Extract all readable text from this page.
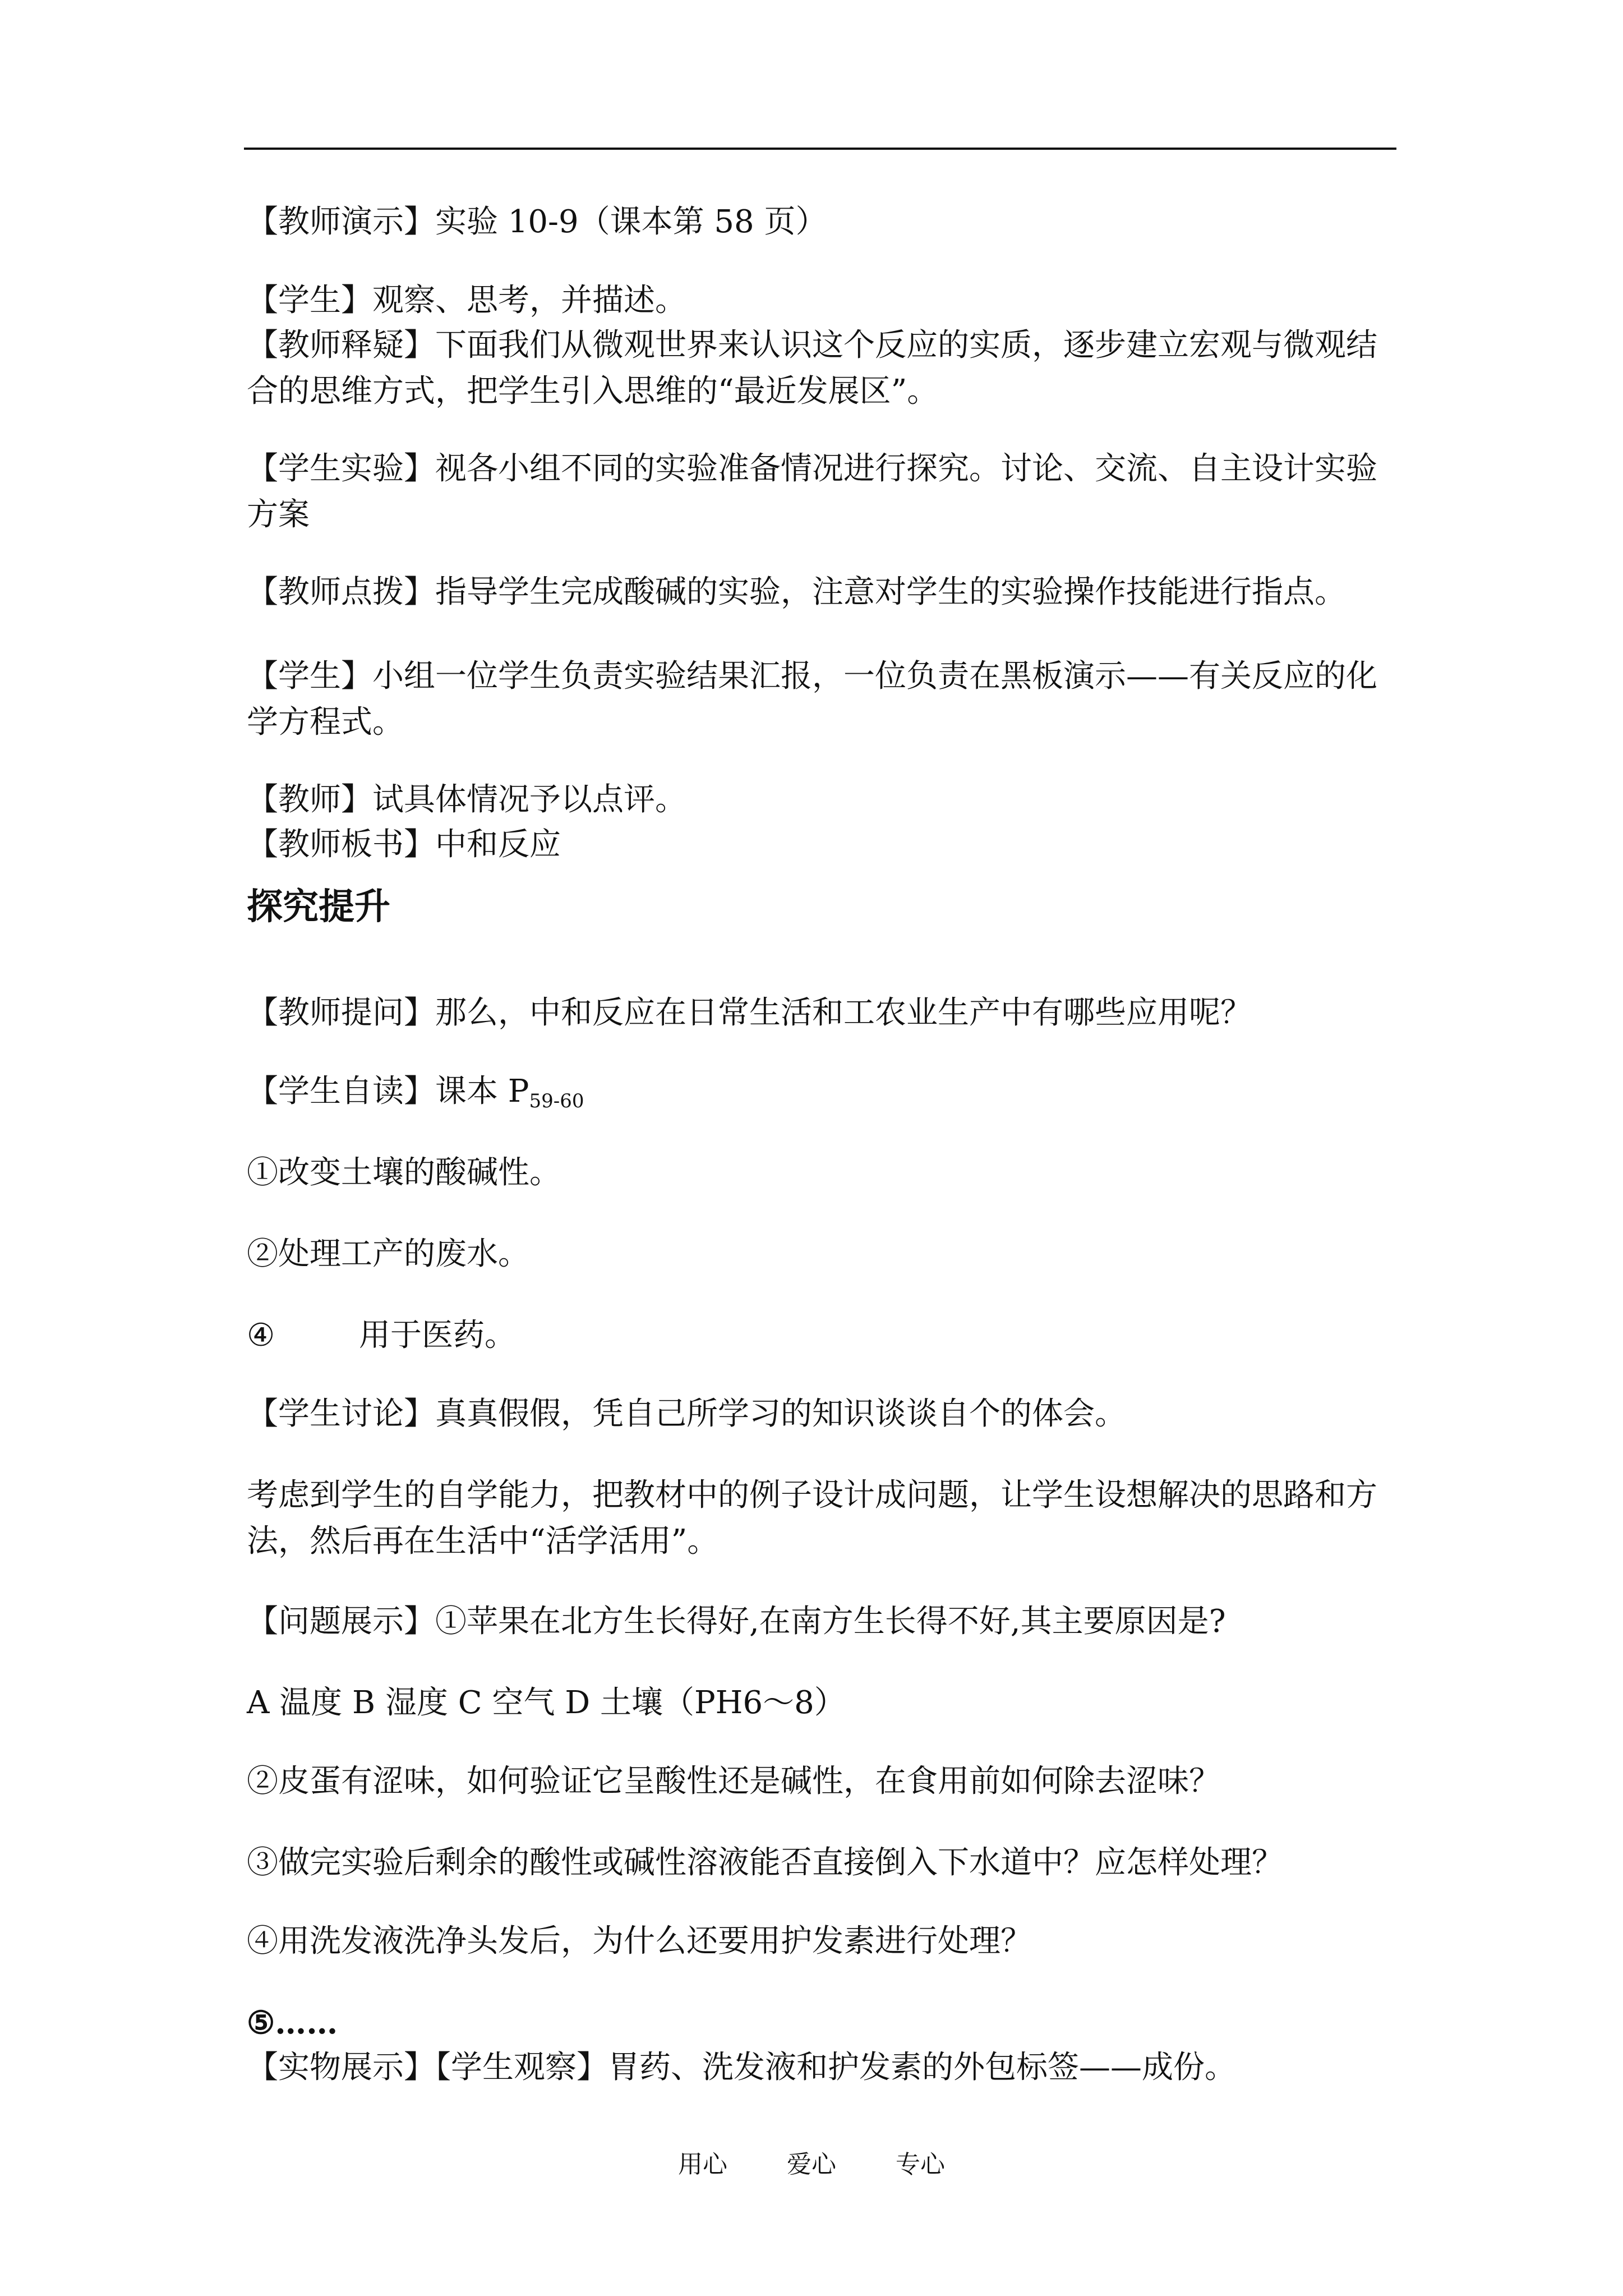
【教师演示】实验 10-9（课本第 58 页）

【学生】观察、思考，并描述。

【教师释疑】下面我们从微观世界来认识这个反应的实质，逐步建立宏观与微观结合的思维方式，把学生引入思维的“最近发展区”。

【学生实验】视各小组不同的实验准备情况进行探究。讨论、交流、自主设计实验方案

【教师点拨】指导学生完成酸碱的实验，注意对学生的实验操作技能进行指点。

【学生】小组一位学生负责实验结果汇报，一位负责在黑板演示——有关反应的化学方程式。

【教师】试具体情况予以点评。

【教师板书】中和反应

探究提升

【教师提问】那么，中和反应在日常生活和工农业生产中有哪些应用呢？

【学生自读】课本 $P_{59-60}$

①改变土壤的酸碱性。

②处理工产的废水。

④	用于医药。

【学生讨论】真真假假，凭自己所学习的知识谈谈自个的体会。

考虑到学生的自学能力，把教材中的例子设计成问题，让学生设想解决的思路和方法，然后再在生活中“活学活用”。

【问题展示】①苹果在北方生长得好,在南方生长得不好,其主要原因是?

A 温度 B 湿度 C 空气 D 土壤（PH6～8）

②皮蛋有涩味，如何验证它呈酸性还是碱性，在食用前如何除去涩味？

③做完实验后剩余的酸性或碱性溶液能否直接倒入下水道中？应怎样处理？

④用洗发液洗净头发后，为什么还要用护发素进行处理？

⑤……

【实物展示】【学生观察】胃药、洗发液和护发素的外包标签——成份。

用心 爱心 专心
